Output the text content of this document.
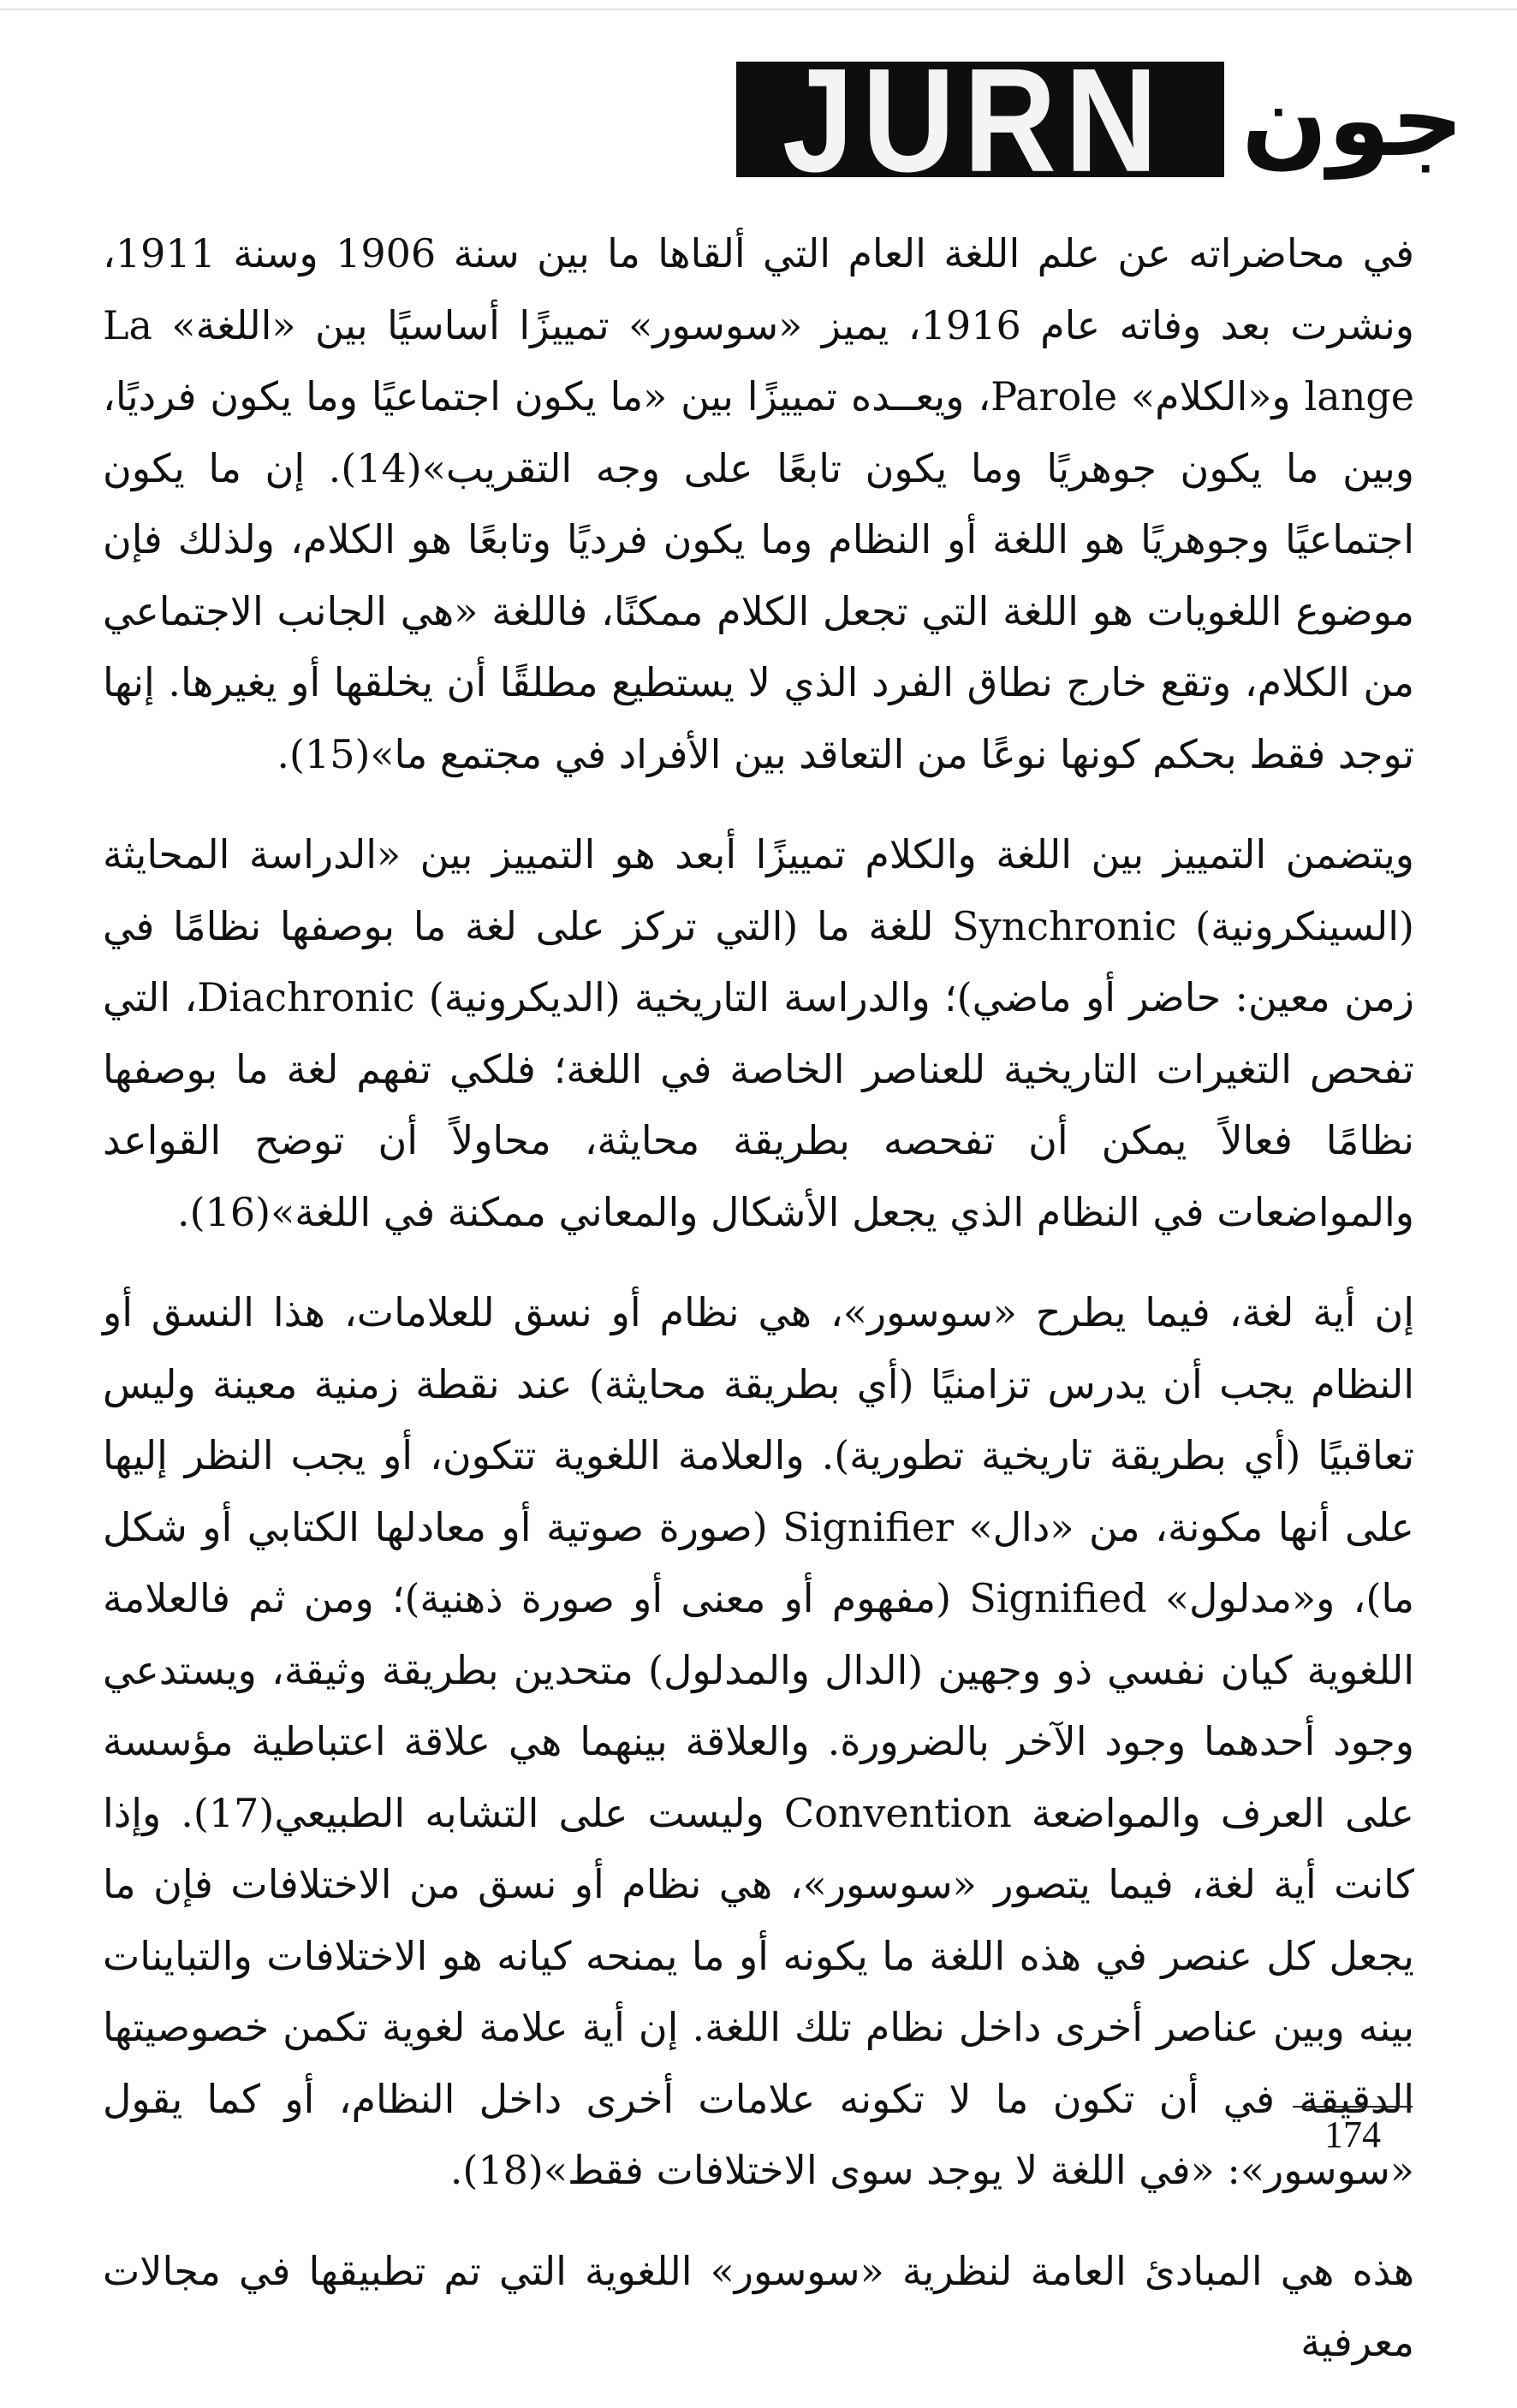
JURN جون

في محاضراته عن علم اللغة العام التي ألقاها ما بين سنة 1906 وسنة 1911، ونشرت بعد وفاته عام 1916، يميز «سوسور» تمييزًا أساسيًا بين «اللغة» La lange و«الكلام» Parole، ويعــده تمييزًا بين «ما يكون اجتماعيًا وما يكون فرديًا، وبين ما يكون جوهريًا وما يكون تابعًا على وجه التقريب»(14). إن ما يكون اجتماعيًا وجوهريًا هو اللغة أو النظام وما يكون فرديًا وتابعًا هو الكلام، ولذلك فإن موضوع اللغويات هو اللغة التي تجعل الكلام ممكنًا، فاللغة «هي الجانب الاجتماعي من الكلام، وتقع خارج نطاق الفرد الذي لا يستطيع مطلقًا أن يخلقها أو يغيرها. إنها توجد فقط بحكم كونها نوعًا من التعاقد بين الأفراد في مجتمع ما»(15).

ويتضمن التمييز بين اللغة والكلام تمييزًا أبعد هو التمييز بين «الدراسة المحايثة (السينكرونية) Synchronic للغة ما (التي تركز على لغة ما بوصفها نظامًا في زمن معين: حاضر أو ماضي)؛ والدراسة التاريخية (الديكرونية) Diachronic، التي تفحص التغيرات التاريخية للعناصر الخاصة في اللغة؛ فلكي تفهم لغة ما بوصفها نظامًا فعالاً يمكن أن تفحصه بطريقة محايثة، محاولاً أن توضح القواعد والمواضعات في النظام الذي يجعل الأشكال والمعاني ممكنة في اللغة»(16).

إن أية لغة، فيما يطرح «سوسور»، هي نظام أو نسق للعلامات، هذا النسق أو النظام يجب أن يدرس تزامنيًا (أي بطريقة محايثة) عند نقطة زمنية معينة وليس تعاقبيًا (أي بطريقة تاريخية تطورية). والعلامة اللغوية تتكون، أو يجب النظر إليها على أنها مكونة، من «دال» Signifier (صورة صوتية أو معادلها الكتابي أو شكل ما)، و«مدلول» Signified (مفهوم أو معنى أو صورة ذهنية)؛ ومن ثم فالعلامة اللغوية كيان نفسي ذو وجهين (الدال والمدلول) متحدين بطريقة وثيقة، ويستدعي وجود أحدهما وجود الآخر بالضرورة. والعلاقة بينهما هي علاقة اعتباطية مؤسسة على العرف والمواضعة Convention وليست على التشابه الطبيعي(17). وإذا كانت أية لغة، فيما يتصور «سوسور»، هي نظام أو نسق من الاختلافات فإن ما يجعل كل عنصر في هذه اللغة ما يكونه أو ما يمنحه كيانه هو الاختلافات والتباينات بينه وبين عناصر أخرى داخل نظام تلك اللغة. إن أية علامة لغوية تكمن خصوصيتها الدقيقة في أن تكون ما لا تكونه علامات أخرى داخل النظام، أو كما يقول «سوسور»: «في اللغة لا يوجد سوى الاختلافات فقط»(18).

هذه هي المبادئ العامة لنظرية «سوسور» اللغوية التي تم تطبيقها في مجالات معرفية

174
